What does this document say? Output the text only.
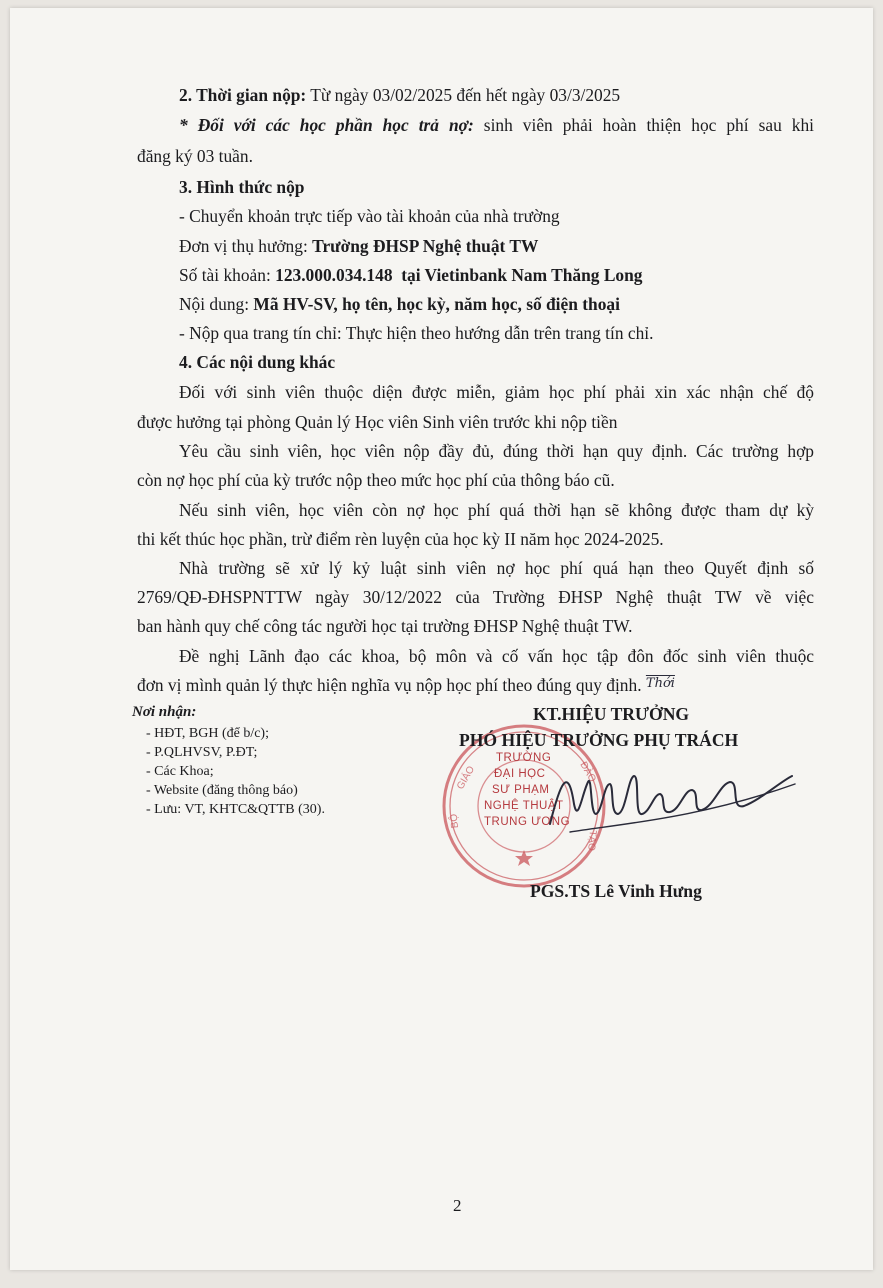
2. Thời gian nộp: Từ ngày 03/02/2025 đến hết ngày 03/3/2025
* Đối với các học phần học trả nợ: sinh viên phải hoàn thiện học phí sau khi
đăng ký 03 tuần.
3. Hình thức nộp
- Chuyển khoản trực tiếp vào tài khoản của nhà trường
Đơn vị thụ hưởng: Trường ĐHSP Nghệ thuật TW
Số tài khoản: 123.000.034.148  tại Vietinbank Nam Thăng Long
Nội dung: Mã HV-SV, họ tên, học kỳ, năm học, số điện thoại
- Nộp qua trang tín chỉ: Thực hiện theo hướng dẫn trên trang tín chỉ.
4. Các nội dung khác
Đối với sinh viên thuộc diện được miễn, giảm học phí phải xin xác nhận chế độ
được hưởng tại phòng Quản lý Học viên Sinh viên trước khi nộp tiền
Yêu cầu sinh viên, học viên nộp đầy đủ, đúng thời hạn quy định. Các trường hợp
còn nợ học phí của kỳ trước nộp theo mức học phí của thông báo cũ.
Nếu sinh viên, học viên còn nợ học phí quá thời hạn sẽ không được tham dự kỳ
thi kết thúc học phần, trừ điểm rèn luyện của học kỳ II năm học 2024-2025.
Nhà trường sẽ xử lý kỷ luật sinh viên nợ học phí quá hạn theo Quyết định số
2769/QĐ-ĐHSPNTTW ngày 30/12/2022 của Trường ĐHSP Nghệ thuật TW về việc
ban hành quy chế công tác người học tại trường ĐHSP Nghệ thuật TW.
Đề nghị Lãnh đạo các khoa, bộ môn và cố vấn học tập đôn đốc sinh viên thuộc
đơn vị mình quản lý thực hiện nghĩa vụ nộp học phí theo đúng quy định. $^{Thới}$
Nơi nhận:
- HĐT, BGH (để b/c);
- P.QLHVSV, P.ĐT;
- Các Khoa;
- Website (đăng thông báo)
- Lưu: VT, KHTC&QTTB (30).
GIÁO	ĐÀO
BỘ
TẠO
TRƯỜNG
ĐẠI HỌC
SƯ PHẠM
NGHỆ THUẬT
TRUNG ƯƠNG
KT.HIỆU TRƯỞNG
PHÓ HIỆU TRƯỞNG PHỤ TRÁCH
PGS.TS Lê Vinh Hưng
2
